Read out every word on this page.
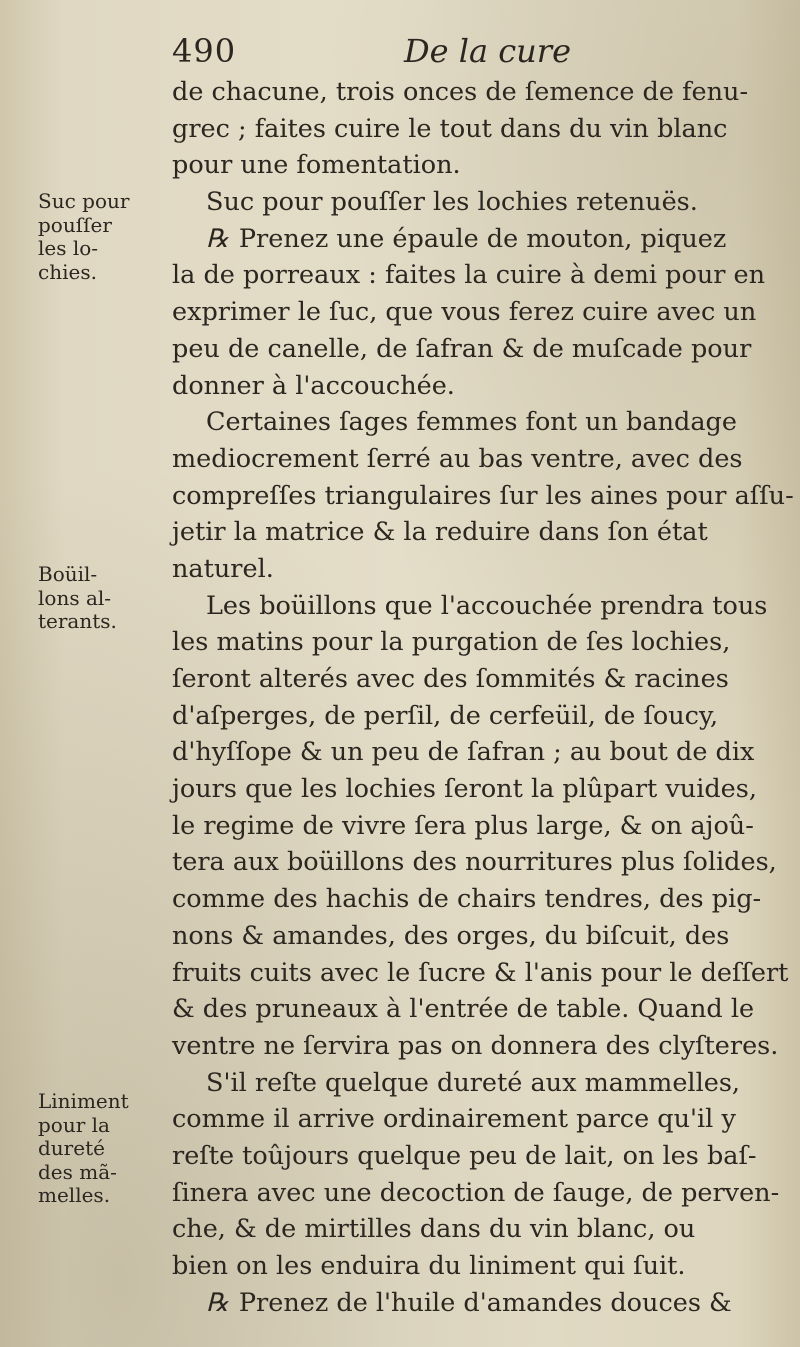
490	De la cure
de chacune, trois onces de ſemence de fenu-
grec ; faites cuire le tout dans du vin blanc
pour une fomentation.
Suc pour pouſſer les lochies retenuës.
℞ Prenez une épaule de mouton, piquez
la de porreaux : faites la cuire à demi pour en
exprimer le ſuc, que vous ferez cuire avec un
peu de canelle, de ſafran & de muſcade pour
donner à l'accouchée.
Certaines ſages femmes font un bandage
mediocrement ſerré au bas ventre, avec des
compreſſes triangulaires ſur les aines pour aſſu-
jetir la matrice & la reduire dans ſon état
naturel.
Les boüillons que l'accouchée prendra tous
les matins pour la purgation de ſes lochies,
ſeront alterés avec des ſommités & racines
d'aſperges, de perſil, de cerfeüil, de ſoucy,
d'hyſſope & un peu de ſafran ; au bout de dix
jours que les lochies ſeront la plûpart vuides,
le regime de vivre ſera plus large, & on ajoû-
tera aux boüillons des nourritures plus ſolides,
comme des hachis de chairs tendres, des pig-
nons & amandes, des orges, du biſcuit, des
fruits cuits avec le ſucre & l'anis pour le deſſert
& des pruneaux à l'entrée de table. Quand le
ventre ne ſervira pas on donnera des clyſteres.
S'il reſte quelque dureté aux mammelles,
comme il arrive ordinairement parce qu'il y
reſte toûjours quelque peu de lait, on les baſ-
ſinera avec une decoction de ſauge, de perven-
che, & de mirtilles dans du vin blanc, ou
bien on les enduira du liniment qui ſuit.
℞ Prenez de l'huile d'amandes douces &
Suc pour
pouſſer
les lo-
chies.
Boüil-
lons al-
terants.
Liniment
pour la
dureté
des mã-
melles.
